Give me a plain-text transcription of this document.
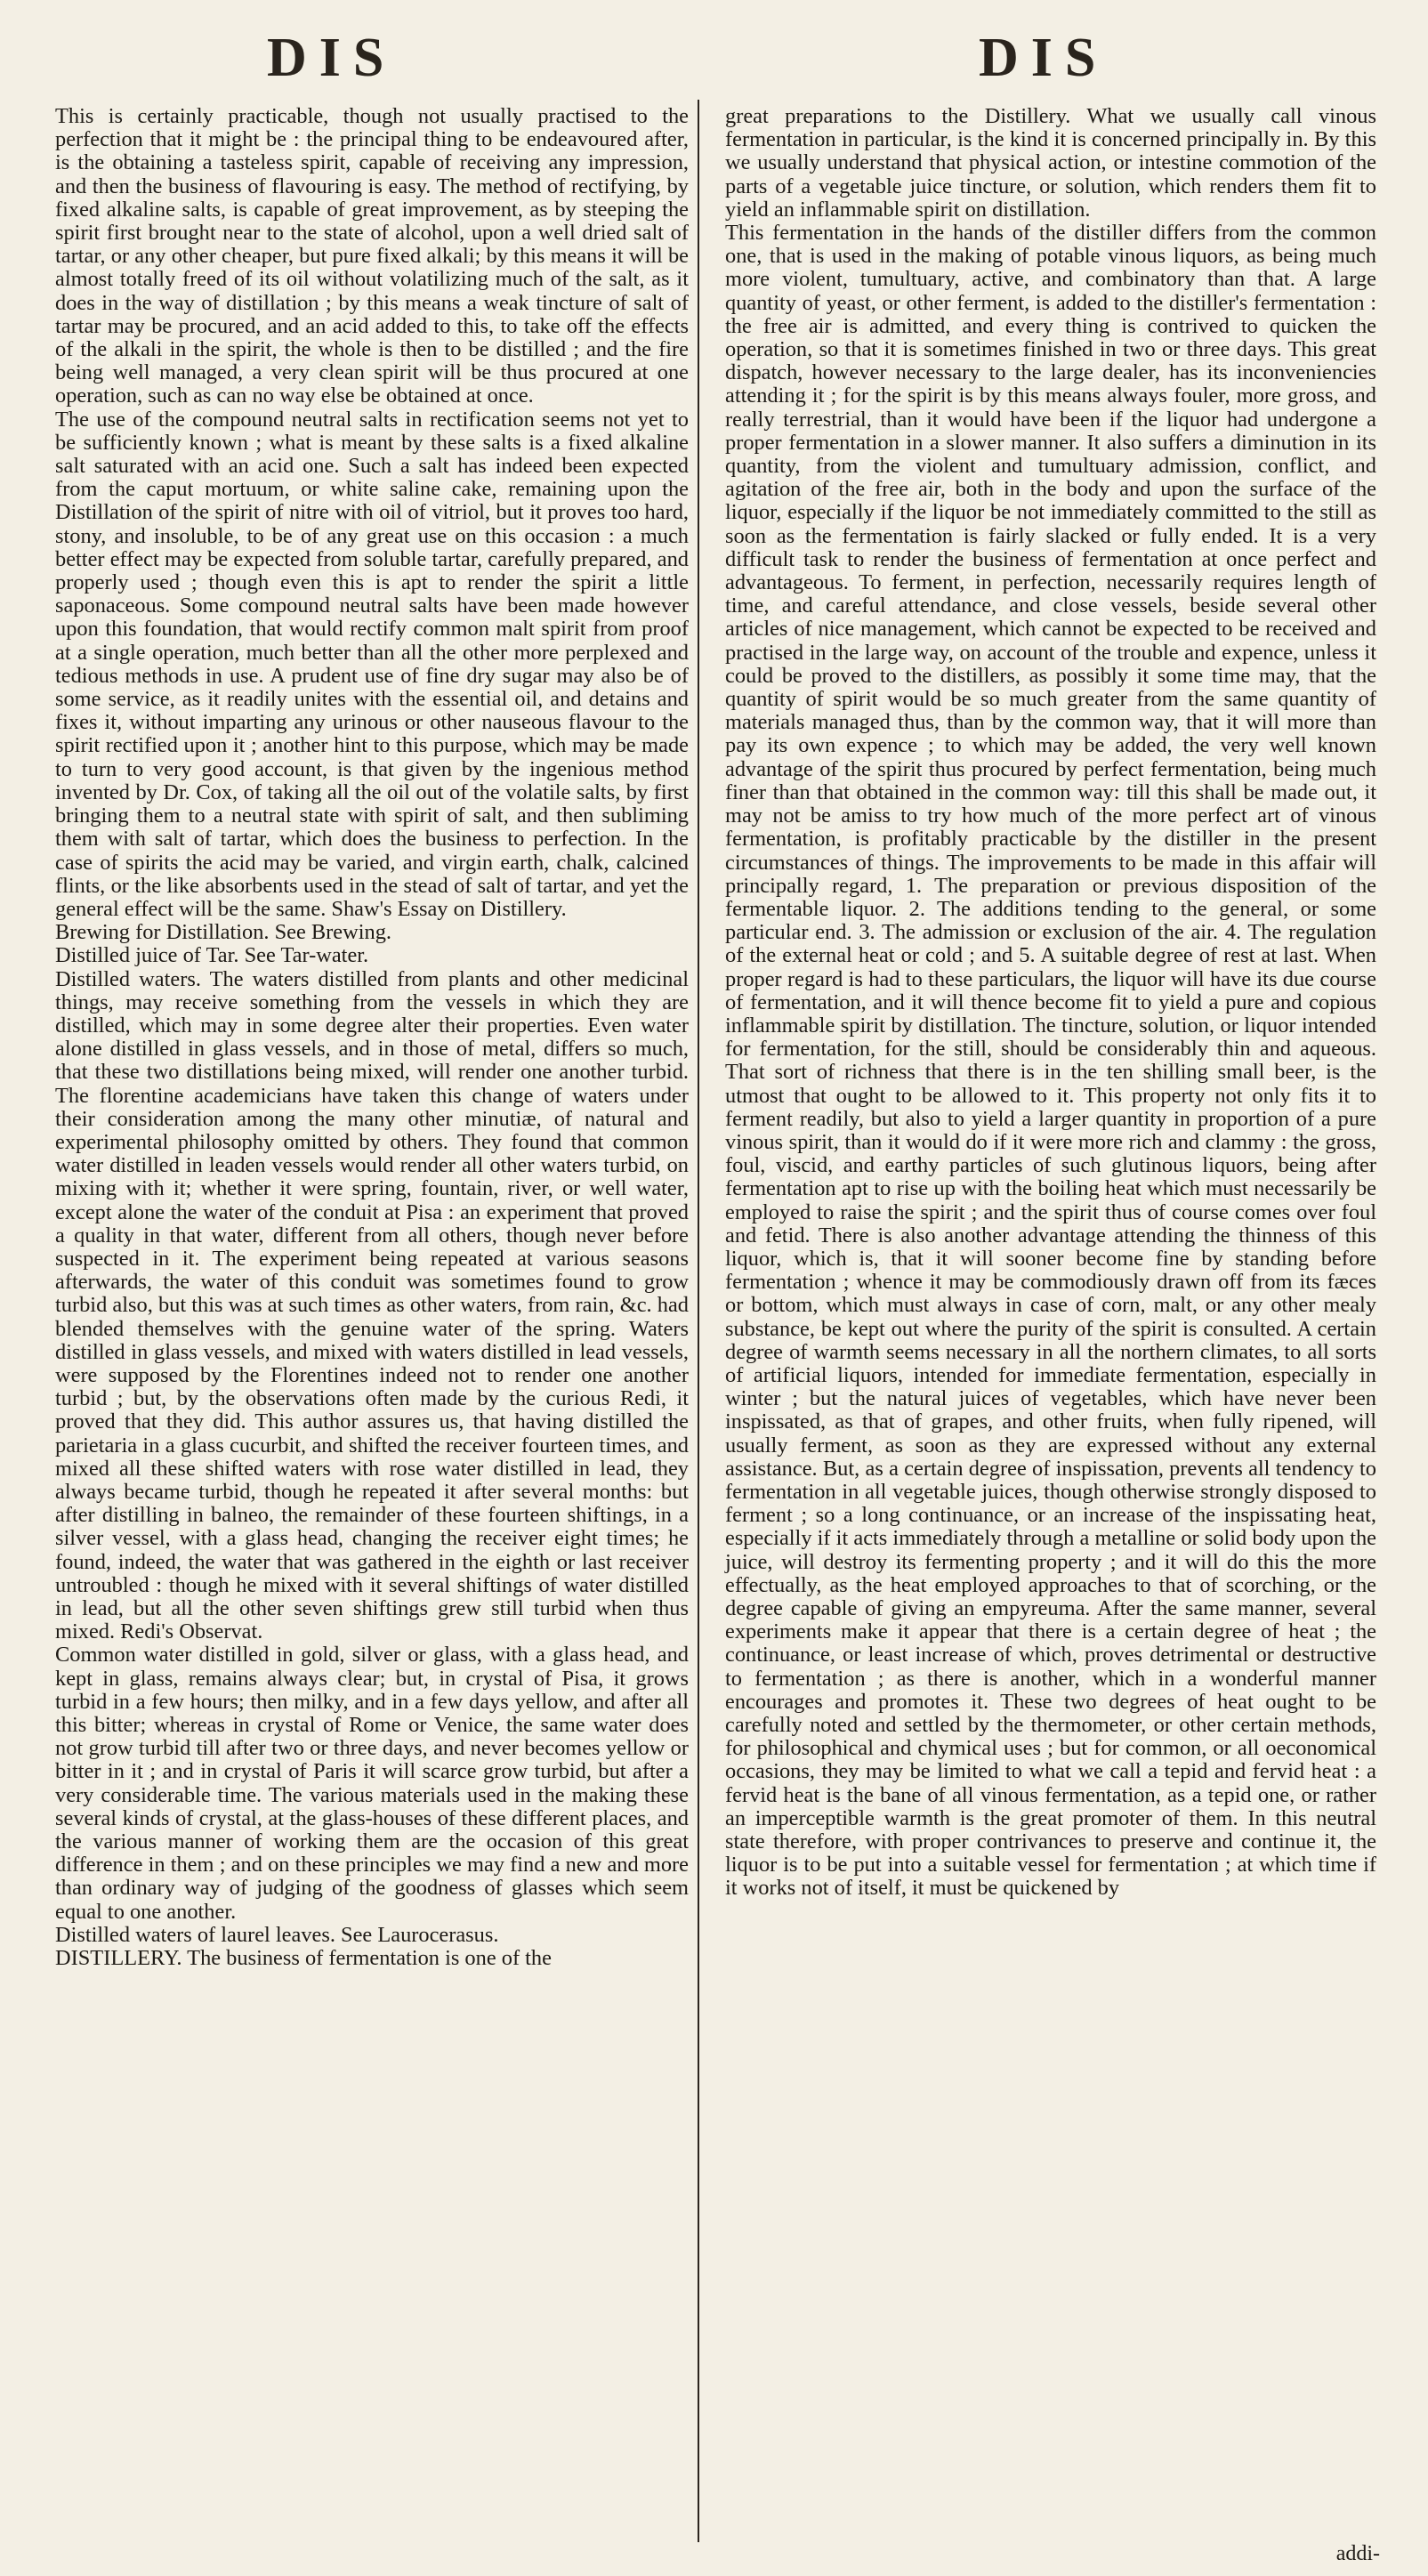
DIS	DIS

This is certainly practicable, though not usually practised to the perfection that it might be : the principal thing to be endeavoured after, is the obtaining a tasteless spirit, capable of receiving any impression, and then the business of flavouring is easy. The method of rectifying, by fixed alkaline salts, is capable of great improvement, as by steeping the spirit first brought near to the state of alcohol, upon a well dried salt of tartar, or any other cheaper, but pure fixed alkali; by this means it will be almost totally freed of its oil without volatilizing much of the salt, as it does in the way of distillation ; by this means a weak tincture of salt of tartar may be procured, and an acid added to this, to take off the effects of the alkali in the spirit, the whole is then to be distilled ; and the fire being well managed, a very clean spirit will be thus procured at one operation, such as can no way else be obtained at once.

The use of the compound neutral salts in rectification seems not yet to be sufficiently known ; what is meant by these salts is a fixed alkaline salt saturated with an acid one. Such a salt has indeed been expected from the caput mortuum, or white saline cake, remaining upon the Distillation of the spirit of nitre with oil of vitriol, but it proves too hard, stony, and insoluble, to be of any great use on this occasion : a much better effect may be expected from soluble tartar, carefully prepared, and properly used ; though even this is apt to render the spirit a little saponaceous. Some compound neutral salts have been made however upon this foundation, that would rectify common malt spirit from proof at a single operation, much better than all the other more perplexed and tedious methods in use. A prudent use of fine dry sugar may also be of some service, as it readily unites with the essential oil, and detains and fixes it, without imparting any urinous or other nauseous flavour to the spirit rectified upon it ; another hint to this purpose, which may be made to turn to very good account, is that given by the ingenious method invented by Dr. Cox, of taking all the oil out of the volatile salts, by first bringing them to a neutral state with spirit of salt, and then subliming them with salt of tartar, which does the business to perfection. In the case of spirits the acid may be varied, and virgin earth, chalk, calcined flints, or the like absorbents used in the stead of salt of tartar, and yet the general effect will be the same. Shaw's Essay on Distillery.

Brewing for Distillation. See Brewing.

Distilled juice of Tar. See Tar-water.

Distilled waters. The waters distilled from plants and other medicinal things, may receive something from the vessels in which they are distilled, which may in some degree alter their properties. Even water alone distilled in glass vessels, and in those of metal, differs so much, that these two distillations being mixed, will render one another turbid. The florentine academicians have taken this change of waters under their consideration among the many other minutiæ, of natural and experimental philosophy omitted by others. They found that common water distilled in leaden vessels would render all other waters turbid, on mixing with it; whether it were spring, fountain, river, or well water, except alone the water of the conduit at Pisa : an experiment that proved a quality in that water, different from all others, though never before suspected in it. The experiment being repeated at various seasons afterwards, the water of this conduit was sometimes found to grow turbid also, but this was at such times as other waters, from rain, &c. had blended themselves with the genuine water of the spring. Waters distilled in glass vessels, and mixed with waters distilled in lead vessels, were supposed by the Florentines indeed not to render one another turbid ; but, by the observations often made by the curious Redi, it proved that they did. This author assures us, that having distilled the parietaria in a glass cucurbit, and shifted the receiver fourteen times, and mixed all these shifted waters with rose water distilled in lead, they always became turbid, though he repeated it after several months: but after distilling in balneo, the remainder of these fourteen shiftings, in a silver vessel, with a glass head, changing the receiver eight times; he found, indeed, the water that was gathered in the eighth or last receiver untroubled : though he mixed with it several shiftings of water distilled in lead, but all the other seven shiftings grew still turbid when thus mixed. Redi's Observat.

Common water distilled in gold, silver or glass, with a glass head, and kept in glass, remains always clear; but, in crystal of Pisa, it grows turbid in a few hours; then milky, and in a few days yellow, and after all this bitter; whereas in crystal of Rome or Venice, the same water does not grow turbid till after two or three days, and never becomes yellow or bitter in it ; and in crystal of Paris it will scarce grow turbid, but after a very considerable time. The various materials used in the making these several kinds of crystal, at the glass-houses of these different places, and the various manner of working them are the occasion of this great difference in them ; and on these principles we may find a new and more than ordinary way of judging of the goodness of glasses which seem equal to one another.

Distilled waters of laurel leaves. See Laurocerasus.

DISTILLERY. The business of fermentation is one of the

great preparations to the Distillery. What we usually call vinous fermentation in particular, is the kind it is concerned principally in. By this we usually understand that physical action, or intestine commotion of the parts of a vegetable juice tincture, or solution, which renders them fit to yield an inflammable spirit on distillation.

This fermentation in the hands of the distiller differs from the common one, that is used in the making of potable vinous liquors, as being much more violent, tumultuary, active, and combinatory than that. A large quantity of yeast, or other ferment, is added to the distiller's fermentation : the free air is admitted, and every thing is contrived to quicken the operation, so that it is sometimes finished in two or three days. This great dispatch, however necessary to the large dealer, has its inconveniencies attending it ; for the spirit is by this means always fouler, more gross, and really terrestrial, than it would have been if the liquor had undergone a proper fermentation in a slower manner. It also suffers a diminution in its quantity, from the violent and tumultuary admission, conflict, and agitation of the free air, both in the body and upon the surface of the liquor, especially if the liquor be not immediately committed to the still as soon as the fermentation is fairly slacked or fully ended. It is a very difficult task to render the business of fermentation at once perfect and advantageous. To ferment, in perfection, necessarily requires length of time, and careful attendance, and close vessels, beside several other articles of nice management, which cannot be expected to be received and practised in the large way, on account of the trouble and expence, unless it could be proved to the distillers, as possibly it some time may, that the quantity of spirit would be so much greater from the same quantity of materials managed thus, than by the common way, that it will more than pay its own expence ; to which may be added, the very well known advantage of the spirit thus procured by perfect fermentation, being much finer than that obtained in the common way: till this shall be made out, it may not be amiss to try how much of the more perfect art of vinous fermentation, is profitably practicable by the distiller in the present circumstances of things. The improvements to be made in this affair will principally regard, 1. The preparation or previous disposition of the fermentable liquor. 2. The additions tending to the general, or some particular end. 3. The admission or exclusion of the air. 4. The regulation of the external heat or cold ; and 5. A suitable degree of rest at last. When proper regard is had to these particulars, the liquor will have its due course of fermentation, and it will thence become fit to yield a pure and copious inflammable spirit by distillation. The tincture, solution, or liquor intended for fermentation, for the still, should be considerably thin and aqueous. That sort of richness that there is in the ten shilling small beer, is the utmost that ought to be allowed to it. This property not only fits it to ferment readily, but also to yield a larger quantity in proportion of a pure vinous spirit, than it would do if it were more rich and clammy : the gross, foul, viscid, and earthy particles of such glutinous liquors, being after fermentation apt to rise up with the boiling heat which must necessarily be employed to raise the spirit ; and the spirit thus of course comes over foul and fetid. There is also another advantage attending the thinness of this liquor, which is, that it will sooner become fine by standing before fermentation ; whence it may be commodiously drawn off from its fæces or bottom, which must always in case of corn, malt, or any other mealy substance, be kept out where the purity of the spirit is consulted. A certain degree of warmth seems necessary in all the northern climates, to all sorts of artificial liquors, intended for immediate fermentation, especially in winter ; but the natural juices of vegetables, which have never been inspissated, as that of grapes, and other fruits, when fully ripened, will usually ferment, as soon as they are expressed without any external assistance. But, as a certain degree of inspissation, prevents all tendency to fermentation in all vegetable juices, though otherwise strongly disposed to ferment ; so a long continuance, or an increase of the inspissating heat, especially if it acts immediately through a metalline or solid body upon the juice, will destroy its fermenting property ; and it will do this the more effectually, as the heat employed approaches to that of scorching, or the degree capable of giving an empyreuma. After the same manner, several experiments make it appear that there is a certain degree of heat ; the continuance, or least increase of which, proves detrimental or destructive to fermentation ; as there is another, which in a wonderful manner encourages and promotes it. These two degrees of heat ought to be carefully noted and settled by the thermometer, or other certain methods, for philosophical and chymical uses ; but for common, or all oeconomical occasions, they may be limited to what we call a tepid and fervid heat : a fervid heat is the bane of all vinous fermentation, as a tepid one, or rather an imperceptible warmth is the great promoter of them. In this neutral state therefore, with proper contrivances to preserve and continue it, the liquor is to be put into a suitable vessel for fermentation ; at which time if it works not of itself, it must be quickened by

addi-
